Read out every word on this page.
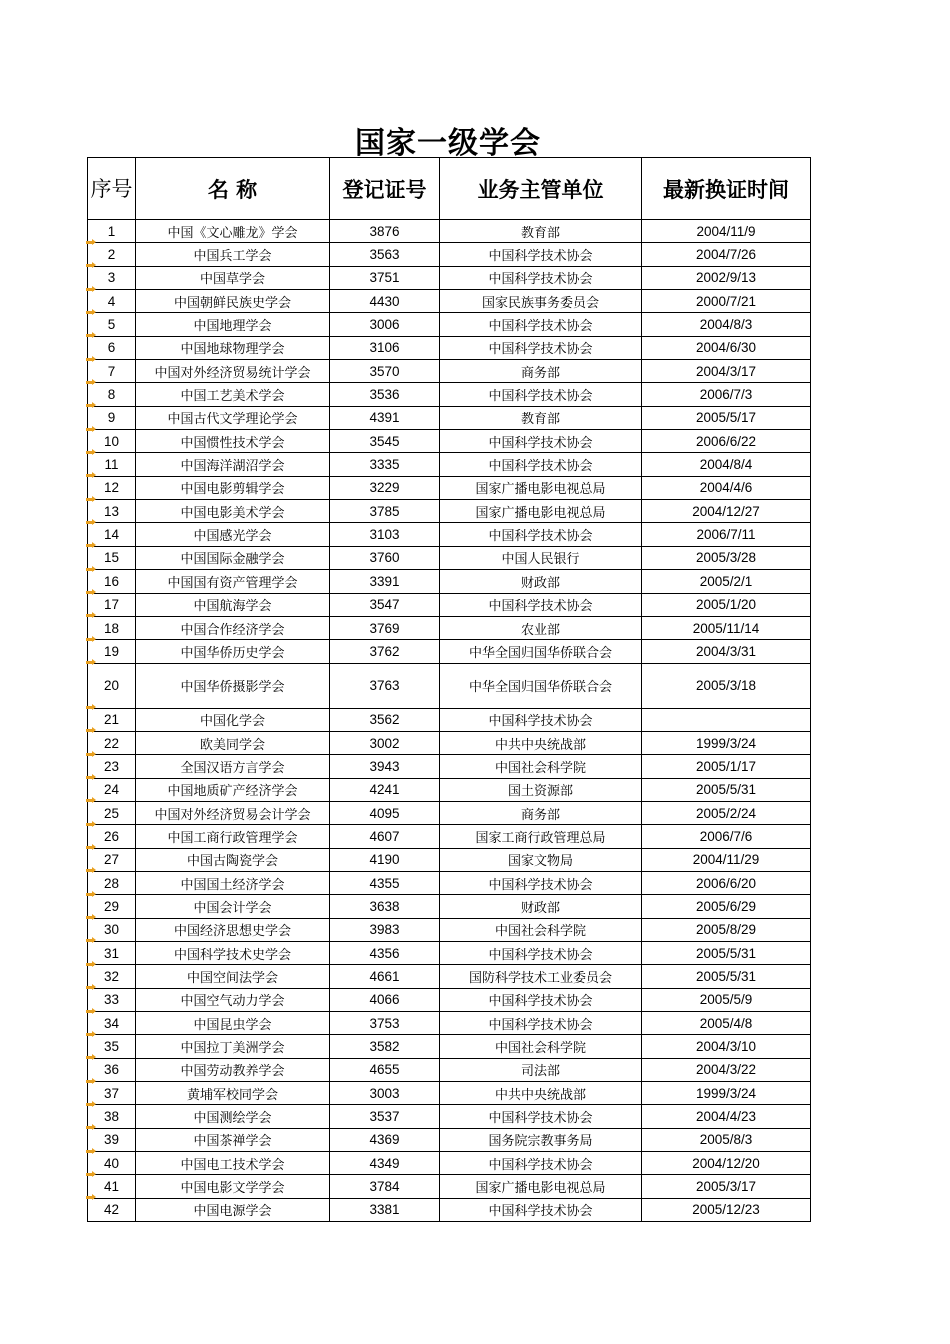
国家一级学会
序号	名 称	登记证号	业务主管单位	最新换证时间
1	中国《文心雕龙》学会	3876	教育部	2004/11/9
2	中国兵工学会	3563	中国科学技术协会	2004/7/26
3	中国草学会	3751	中国科学技术协会	2002/9/13
4	中国朝鲜民族史学会	4430	国家民族事务委员会	2000/7/21
5	中国地理学会	3006	中国科学技术协会	2004/8/3
6	中国地球物理学会	3106	中国科学技术协会	2004/6/30
7	中国对外经济贸易统计学会	3570	商务部	2004/3/17
8	中国工艺美术学会	3536	中国科学技术协会	2006/7/3
9	中国古代文学理论学会	4391	教育部	2005/5/17
10	中国惯性技术学会	3545	中国科学技术协会	2006/6/22
11	中国海洋湖沼学会	3335	中国科学技术协会	2004/8/4
12	中国电影剪辑学会	3229	国家广播电影电视总局	2004/4/6
13	中国电影美术学会	3785	国家广播电影电视总局	2004/12/27
14	中国感光学会	3103	中国科学技术协会	2006/7/11
15	中国国际金融学会	3760	中国人民银行	2005/3/28
16	中国国有资产管理学会	3391	财政部	2005/2/1
17	中国航海学会	3547	中国科学技术协会	2005/1/20
18	中国合作经济学会	3769	农业部	2005/11/14
19	中国华侨历史学会	3762	中华全国归国华侨联合会	2004/3/31
20	中国华侨摄影学会	3763	中华全国归国华侨联合会	2005/3/18
21	中国化学会	3562	中国科学技术协会	
22	欧美同学会	3002	中共中央统战部	1999/3/24
23	全国汉语方言学会	3943	中国社会科学院	2005/1/17
24	中国地质矿产经济学会	4241	国土资源部	2005/5/31
25	中国对外经济贸易会计学会	4095	商务部	2005/2/24
26	中国工商行政管理学会	4607	国家工商行政管理总局	2006/7/6
27	中国古陶瓷学会	4190	国家文物局	2004/11/29
28	中国国土经济学会	4355	中国科学技术协会	2006/6/20
29	中国会计学会	3638	财政部	2005/6/29
30	中国经济思想史学会	3983	中国社会科学院	2005/8/29
31	中国科学技术史学会	4356	中国科学技术协会	2005/5/31
32	中国空间法学会	4661	国防科学技术工业委员会	2005/5/31
33	中国空气动力学会	4066	中国科学技术协会	2005/5/9
34	中国昆虫学会	3753	中国科学技术协会	2005/4/8
35	中国拉丁美洲学会	3582	中国社会科学院	2004/3/10
36	中国劳动教养学会	4655	司法部	2004/3/22
37	黄埔军校同学会	3003	中共中央统战部	1999/3/24
38	中国测绘学会	3537	中国科学技术协会	2004/4/23
39	中国茶禅学会	4369	国务院宗教事务局	2005/8/3
40	中国电工技术学会	4349	中国科学技术协会	2004/12/20
41	中国电影文学学会	3784	国家广播电影电视总局	2005/3/17
42	中国电源学会	3381	中国科学技术协会	2005/12/23
